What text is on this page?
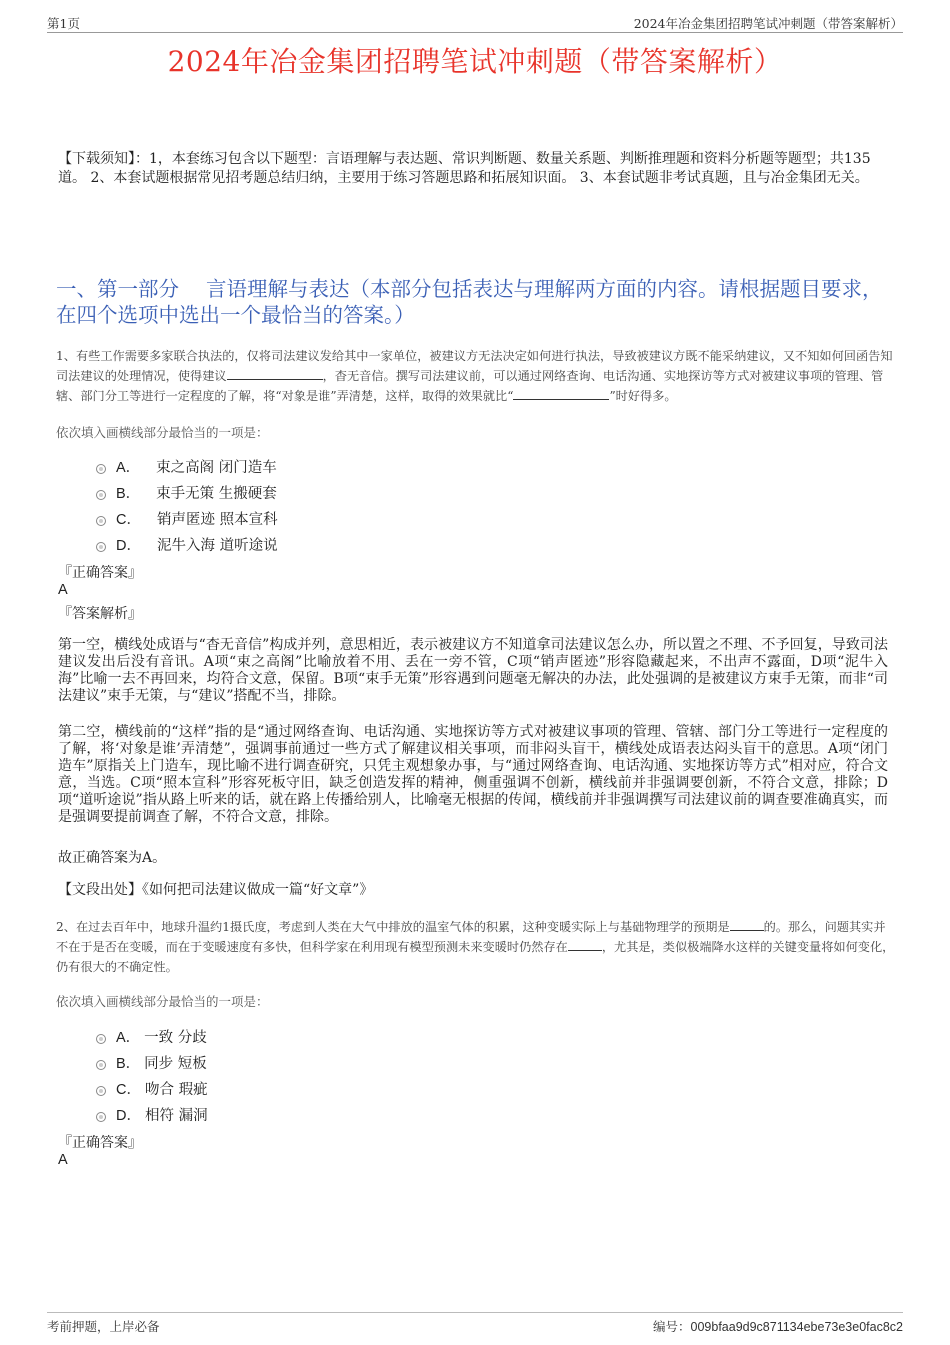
第1页	2024年冶金集团招聘笔试冲刺题（带答案解析）
2024年冶金集团招聘笔试冲刺题（带答案解析）
【下载须知】：1，本套练习包含以下题型：言语理解与表达题、常识判断题、数量关系题、判断推理题和资料分析题等题型；共135道。 2、本套试题根据常见招考题总结归纳，主要用于练习答题思路和拓展知识面。 3、本套试题非考试真题，且与冶金集团无关。
一、第一部分　 言语理解与表达（本部分包括表达与理解两方面的内容。请根据题目要求，在四个选项中选出一个最恰当的答案。）
1、有些工作需要多家联合执法的，仅将司法建议发给其中一家单位，被建议方无法决定如何进行执法，导致被建议方既不能采纳建议，又不知如何回函告知司法建议的处理情况，使得建议	，杳无音信。撰写司法建议前，可以通过网络查询、电话沟通、实地探访等方式对被建议事项的管理、管辖、部门分工等进行一定程度的了解，将“对象是谁”弄清楚，这样，取得的效果就比“	”时好得多。
依次填入画横线部分最恰当的一项是：
A． 束之高阁 闭门造车
B． 束手无策 生搬硬套
C． 销声匿迹 照本宣科
D． 泥牛入海 道听途说
『正确答案』
A
『答案解析』
第一空，横线处成语与“杳无音信”构成并列，意思相近，表示被建议方不知道拿司法建议怎么办，所以置之不理、不予回复，导致司法建议发出后没有音讯。A项“束之高阁”比喻放着不用、丢在一旁不管，C项“销声匿迹”形容隐藏起来，不出声不露面，D项“泥牛入海”比喻一去不再回来，均符合文意，保留。B项“束手无策”形容遇到问题毫无解决的办法，此处强调的是被建议方束手无策，而非“司法建议”束手无策，与“建议”搭配不当，排除。
第二空，横线前的“这样”指的是“通过网络查询、电话沟通、实地探访等方式对被建议事项的管理、管辖、部门分工等进行一定程度的了解，将‘对象是谁’弄清楚”，强调事前通过一些方式了解建议相关事项，而非闷头盲干，横线处成语表达闷头盲干的意思。A项“闭门造车”原指关上门造车，现比喻不进行调查研究，只凭主观想象办事，与“通过网络查询、电话沟通、实地探访等方式”相对应，符合文意，当选。C项“照本宣科”形容死板守旧，缺乏创造发挥的精神，侧重强调不创新，横线前并非强调要创新，不符合文意，排除；D项“道听途说”指从路上听来的话，就在路上传播给别人，比喻毫无根据的传闻，横线前并非强调撰写司法建议前的调查要准确真实，而是强调要提前调查了解，不符合文意，排除。
故正确答案为A。
【文段出处】《如何把司法建议做成一篇“好文章”》
2、在过去百年中，地球升温约1摄氏度，考虑到人类在大气中排放的温室气体的积累，这种变暖实际上与基础物理学的预期是	的。那么，问题其实并不在于是否在变暖，而在于变暖速度有多快，但科学家在利用现有模型预测未来变暖时仍然存在	，尤其是，类似极端降水这样的关键变量将如何变化，仍有很大的不确定性。
依次填入画横线部分最恰当的一项是：
A． 一致 分歧
B． 同步 短板
C． 吻合 瑕疵
D． 相符 漏洞
『正确答案』
A
考前押题，上岸必备	编号：009bfaa9d9c871134ebe73e3e0fac8c2
